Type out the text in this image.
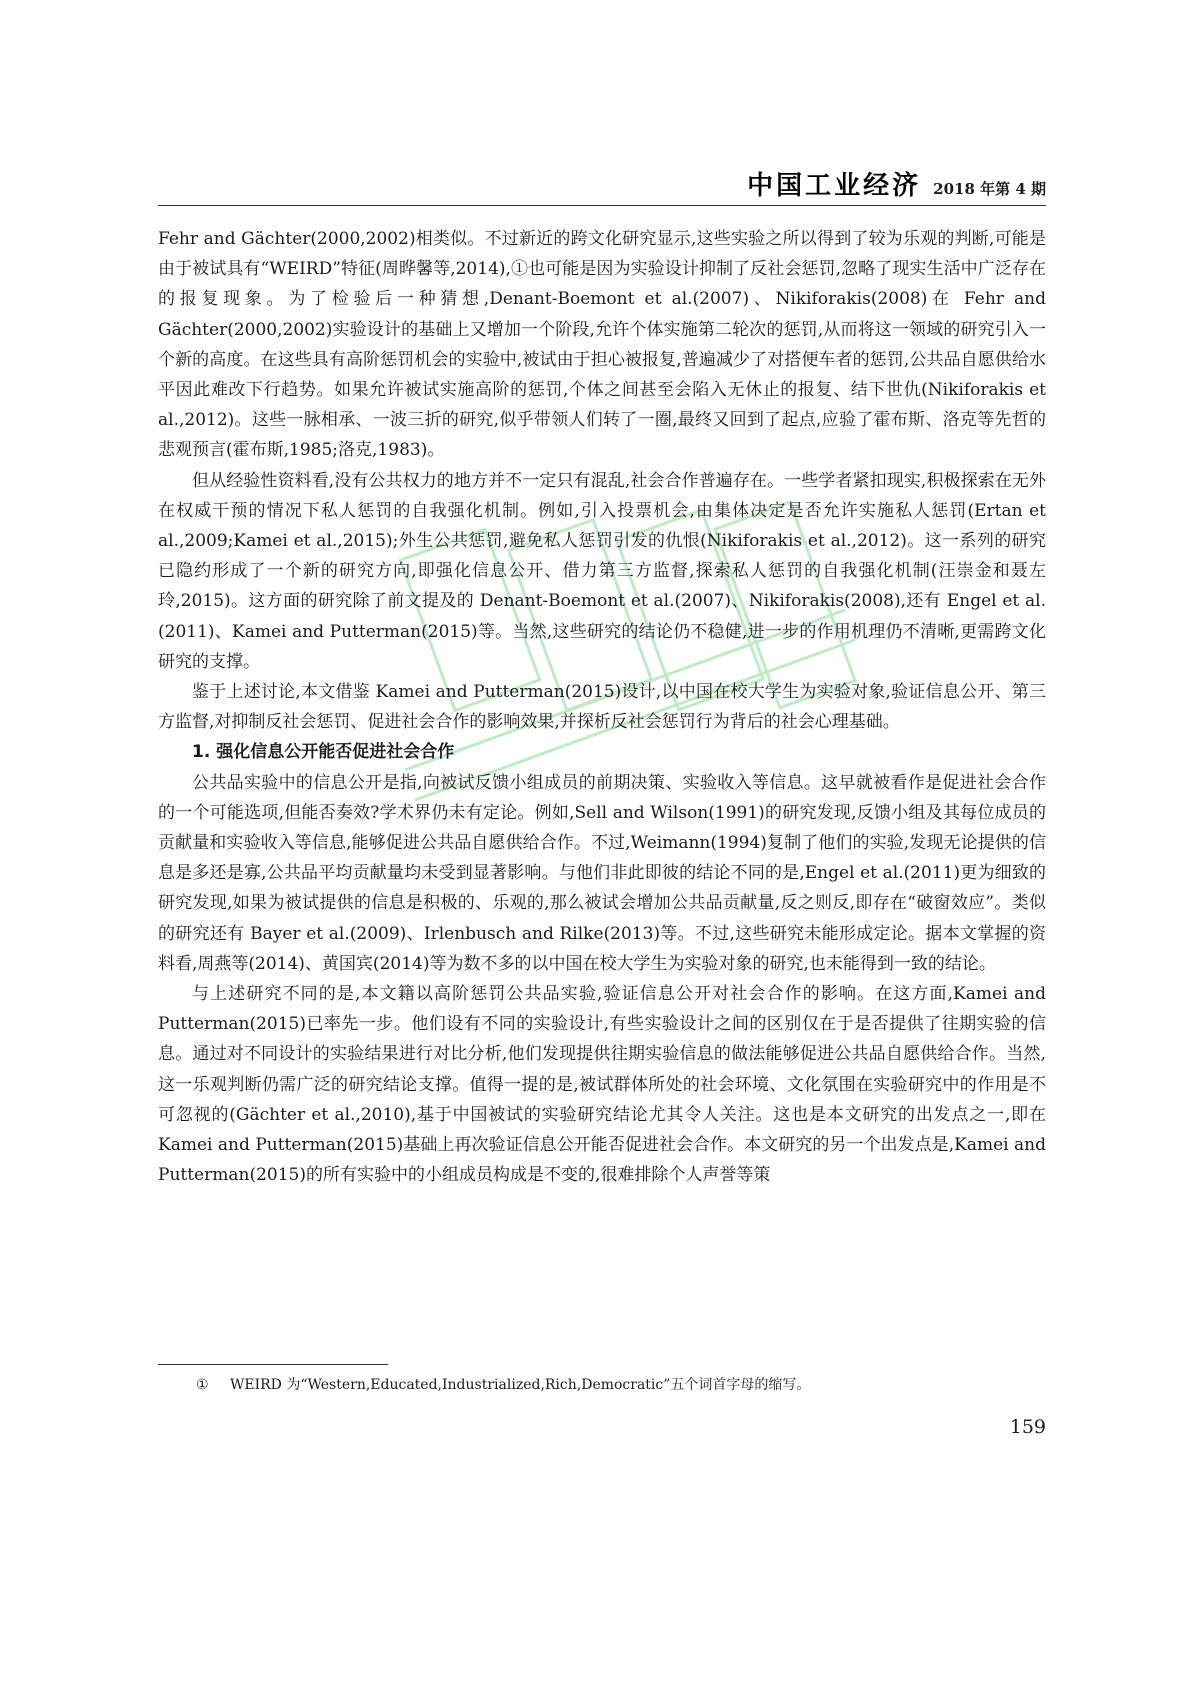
中国工业经济 2018 年第 4 期

Fehr and Gächter(2000,2002)相类似。不过新近的跨文化研究显示,这些实验之所以得到了较为乐观的判断,可能是由于被试具有“WEIRD”特征(周晔馨等,2014),①也可能是因为实验设计抑制了反社会惩罚,忽略了现实生活中广泛存在的报复现象。为了检验后一种猜想,Denant-Boemont et al.(2007)、Nikiforakis(2008)在 Fehr and Gächter(2000,2002)实验设计的基础上又增加一个阶段,允许个体实施第二轮次的惩罚,从而将这一领域的研究引入一个新的高度。在这些具有高阶惩罚机会的实验中,被试由于担心被报复,普遍减少了对搭便车者的惩罚,公共品自愿供给水平因此难改下行趋势。如果允许被试实施高阶的惩罚,个体之间甚至会陷入无休止的报复、结下世仇(Nikiforakis et al.,2012)。这些一脉相承、一波三折的研究,似乎带领人们转了一圈,最终又回到了起点,应验了霍布斯、洛克等先哲的悲观预言(霍布斯,1985;洛克,1983)。

但从经验性资料看,没有公共权力的地方并不一定只有混乱,社会合作普遍存在。一些学者紧扣现实,积极探索在无外在权威干预的情况下私人惩罚的自我强化机制。例如,引入投票机会,由集体决定是否允许实施私人惩罚(Ertan et al.,2009;Kamei et al.,2015);外生公共惩罚,避免私人惩罚引发的仇恨(Nikiforakis et al.,2012)。这一系列的研究已隐约形成了一个新的研究方向,即强化信息公开、借力第三方监督,探索私人惩罚的自我强化机制(汪崇金和聂左玲,2015)。这方面的研究除了前文提及的 Denant-Boemont et al.(2007)、Nikiforakis(2008),还有 Engel et al.(2011)、Kamei and Putterman(2015)等。当然,这些研究的结论仍不稳健,进一步的作用机理仍不清晰,更需跨文化研究的支撑。

鉴于上述讨论,本文借鉴 Kamei and Putterman(2015)设计,以中国在校大学生为实验对象,验证信息公开、第三方监督,对抑制反社会惩罚、促进社会合作的影响效果,并探析反社会惩罚行为背后的社会心理基础。

1. 强化信息公开能否促进社会合作

公共品实验中的信息公开是指,向被试反馈小组成员的前期决策、实验收入等信息。这早就被看作是促进社会合作的一个可能选项,但能否奏效?学术界仍未有定论。例如,Sell and Wilson(1991)的研究发现,反馈小组及其每位成员的贡献量和实验收入等信息,能够促进公共品自愿供给合作。不过,Weimann(1994)复制了他们的实验,发现无论提供的信息是多还是寡,公共品平均贡献量均未受到显著影响。与他们非此即彼的结论不同的是,Engel et al.(2011)更为细致的研究发现,如果为被试提供的信息是积极的、乐观的,那么被试会增加公共品贡献量,反之则反,即存在“破窗效应”。类似的研究还有 Bayer et al.(2009)、Irlenbusch and Rilke(2013)等。不过,这些研究未能形成定论。据本文掌握的资料看,周燕等(2014)、黄国宾(2014)等为数不多的以中国在校大学生为实验对象的研究,也未能得到一致的结论。

与上述研究不同的是,本文籍以高阶惩罚公共品实验,验证信息公开对社会合作的影响。在这方面,Kamei and Putterman(2015)已率先一步。他们设有不同的实验设计,有些实验设计之间的区别仅在于是否提供了往期实验的信息。通过对不同设计的实验结果进行对比分析,他们发现提供往期实验信息的做法能够促进公共品自愿供给合作。当然,这一乐观判断仍需广泛的研究结论支撑。值得一提的是,被试群体所处的社会环境、文化氛围在实验研究中的作用是不可忽视的(Gächter et al.,2010),基于中国被试的实验研究结论尤其令人关注。这也是本文研究的出发点之一,即在 Kamei and Putterman(2015)基础上再次验证信息公开能否促进社会合作。本文研究的另一个出发点是,Kamei and Putterman(2015)的所有实验中的小组成员构成是不变的,很难排除个人声誉等策

① WEIRD 为“Western,Educated,Industrialized,Rich,Democratic”五个词首字母的缩写。
159
